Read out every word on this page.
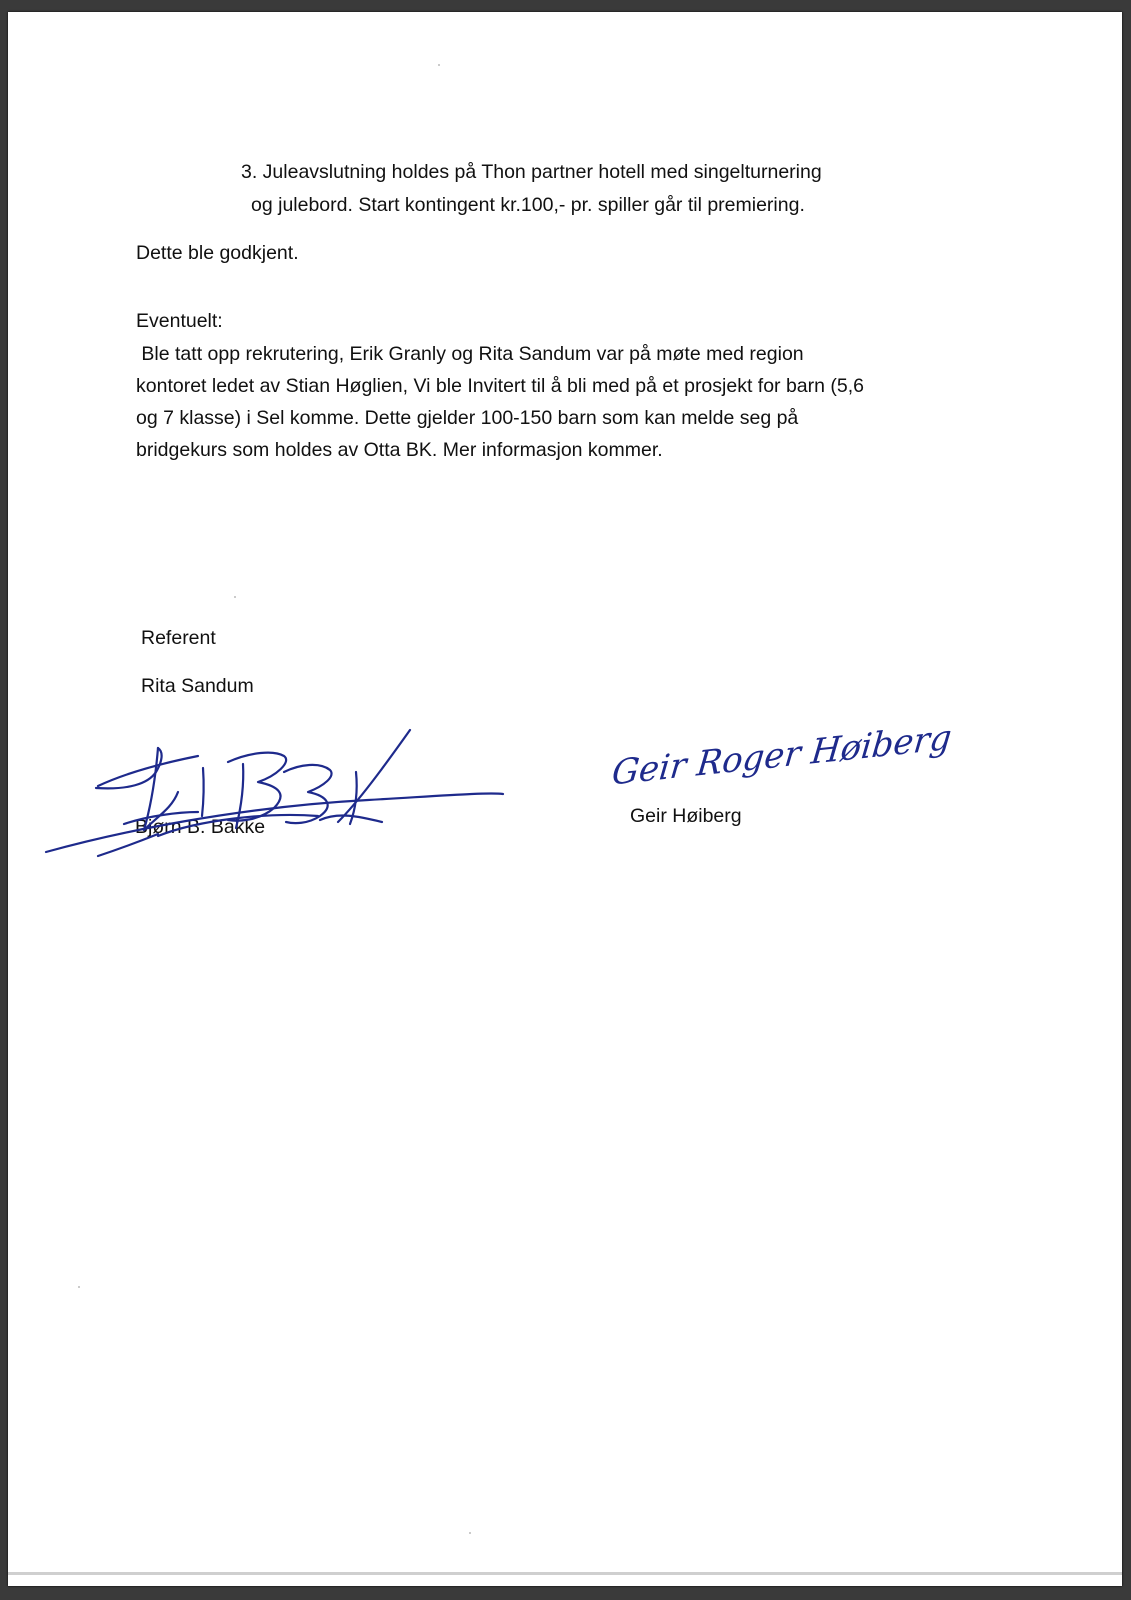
3. Juleavslutning holdes på Thon partner hotell med singelturnering
og julebord. Start kontingent kr.100,- pr. spiller går til premiering.
Dette ble godkjent.
Eventuelt:
Ble tatt opp rekrutering, Erik Granly og Rita Sandum var på møte med region
kontoret ledet av Stian Høglien, Vi ble Invitert til å bli med på et prosjekt for barn (5,6
og 7 klasse) i Sel komme. Dette gjelder 100-150 barn som kan melde seg på
bridgekurs som holdes av Otta BK. Mer informasjon kommer.
Referent
Rita Sandum
Bjørn B. Bakke
Geir Roger Høiberg
Geir Høiberg
